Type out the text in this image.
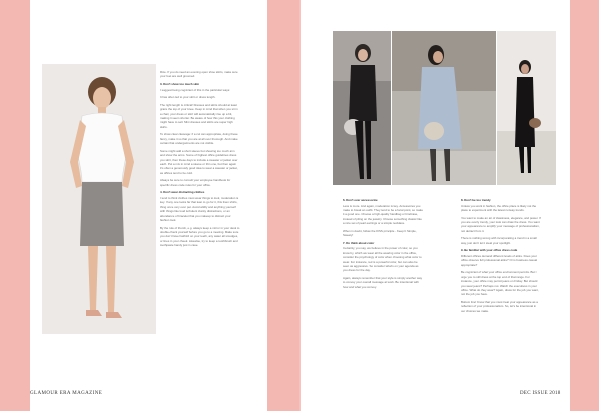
Rice. If you do need an evening open shoe skirts, make sure your feet are well groomed.

3. Don't show too much skin

I suggest being cognizant of this in the particular ways:

It has often led to your skirt or dress length.

The right length is critical! Dresses and skirts should at least graze the top of your knee. Keep in mind that when you sit in a chair, your dress or skirt will automatically rise up a bit, making it seem shorter. Be aware of how this your clothing might have to sell. Mini dresses and skirts are super high skirts.

To show clear cleavage: if a cut can appropriate, doing these fancy, make it so that you are at all over thorough. And make certain that undergarments are not visible.

Some might add a short sleeve but showing too much arm and show the arms. Some of highest office guidelines dress you skirt, then these days to include a sweater or jacket over each. Put a mix in mind a sleeve or thin one, but then again it's often a generously good idea to wear a sweater or jacket, as offices tend to be cold.

Always be sure to consult your employee handbook for specific dress code rules for your office.

4. Don't wear distracting clothes

I tend to think clothes must wear things to look, moderation is key. If any one looks far that lean to go for it, this linen shirts, thing once very over pet. Avoid wildly and anything yourself with things like loud turbulent clunky distractions, or an abundance of bracelet that you makeup to distract your fashion look.

By the rule of thumb, e.g. always keep a mirror in your desk to double-check yourself before you go to a meeting. Make sure you don't have hairbird on your teeth, any water all smudges, or lines in your cheek. Likewise, try to keep a toothbrush and toothpaste handy just in case.

6. Don't over accessorize

Less is more. And again, moderation is key. Accessories you make to break an outfit. They tend to be a focal point, so make it a good one. Choose a high-quality handbag or briefcase, instead of piling on the jewelry. Choose something classic like a nice set of pearl earrings or a simple necklace.

When in doubt, follow the KISS principle - Keep It Simple, Sweety!

7. Do think about color

Certainly, you say, we believe in the power of color, so you know by, which we wear all the wearing color in the office, consider the psychology of color when choosing what color to wear. For instance, red is a powerful color, but can also be seen as aggressive. So consider what's on your agenda as you dress for the day.

Again, always remember that your style is simply another way to convey your overall message at work. Be intentional with how and what you convey.

8. Don't be too trendy

Unless you work in fashion, the office place is likely not the place to experiment with the latest runway trends.

You want to make an air of classiness, elegance, and power. If you are overly trendy, your look can draw the dress. You want your appearance to amplify your message of professionalism, not detract from it.

There is nothing wrong with incorporating a trend in a small way, just don't let it steal your spotlight.

9. Be familiar with your office dress code

Different offices demand different levels of attire. Does your office observe full professional attire? Or is business casual appropriate?

Be cognizant of what your office environment permits. But I urge you to still dress at the top end of that range. For instance, your office may permit jeans on Friday. But should you wear jeans? Perhaps not. Watch the executives in your office. What do they wear? Again, dress for the job you want, not the job you have.

Bottom line! Know that you must treat your appearance as a reflection of your professionalism. So, let's be intentional in our choices we make.

GLAMOUR ERA MAGAZINE	DEC ISSUE 2018
